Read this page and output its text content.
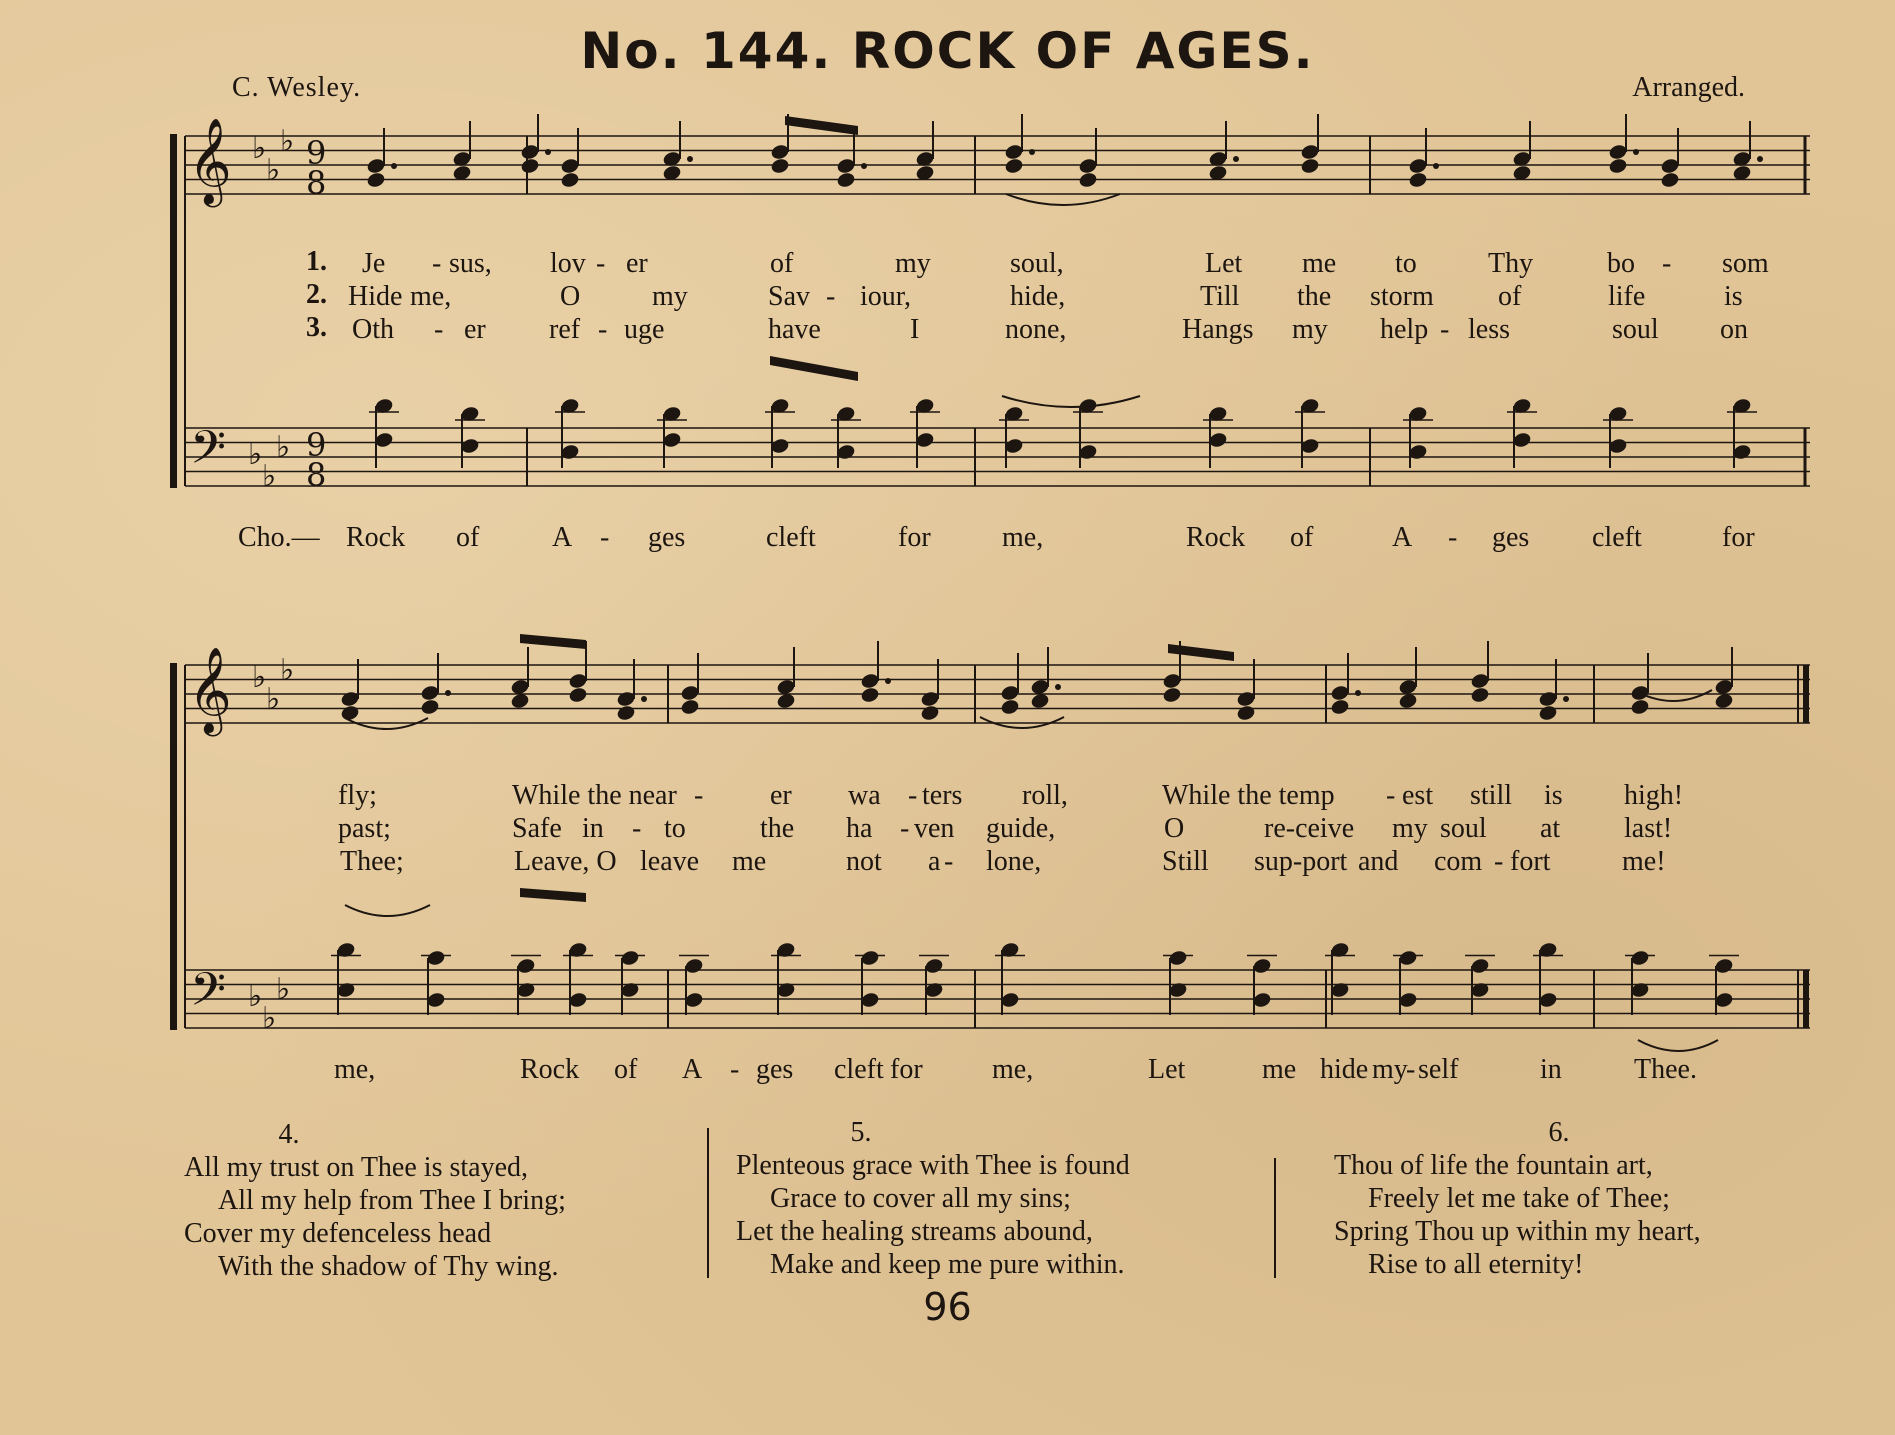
No. 144. ROCK OF AGES.
C. Wesley.	Arranged.
𝄞
𝄢
𝄞
𝄢
♭
♭
♭
♭
♭
♭
♭
♭
♭
♭
♭
♭
9
8
9
8
1.
2.
3.
Je - sus, lov - er	of	my	soul,	Let me to	Thy	bo - som
Hide me,	O	my	Sav - iour,	hide,	Till the storm of	life	is
Oth - er ref - uge	have	I	none,	Hangs my help - less	soul on
Cho.— Rock of	A - ges	cleft	for	me,	Rock of	A - ges cleft	for
fly;	While the near - er wa - ters roll,	While the temp - est still is high!
past;	Safe in - to	the ha - ven guide,	O	re-ceive my soul at last!
Thee;	Leave, O leave me	not a - lone,	Still sup-port and com - fort	me!
me,	Rock of A - ges cleft for me,	Let	me hide my
- self	in	Thee.
4.
All my trust on Thee is stayed,
All my help from Thee I bring;
Cover my defenceless head
With the shadow of Thy wing.
5.
Plenteous grace with Thee is found
Grace to cover all my sins;
Let the healing streams abound,
Make and keep me pure within.
6.
Thou of life the fountain art,
Freely let me take of Thee;
Spring Thou up within my heart,
Rise to all eternity!
96
